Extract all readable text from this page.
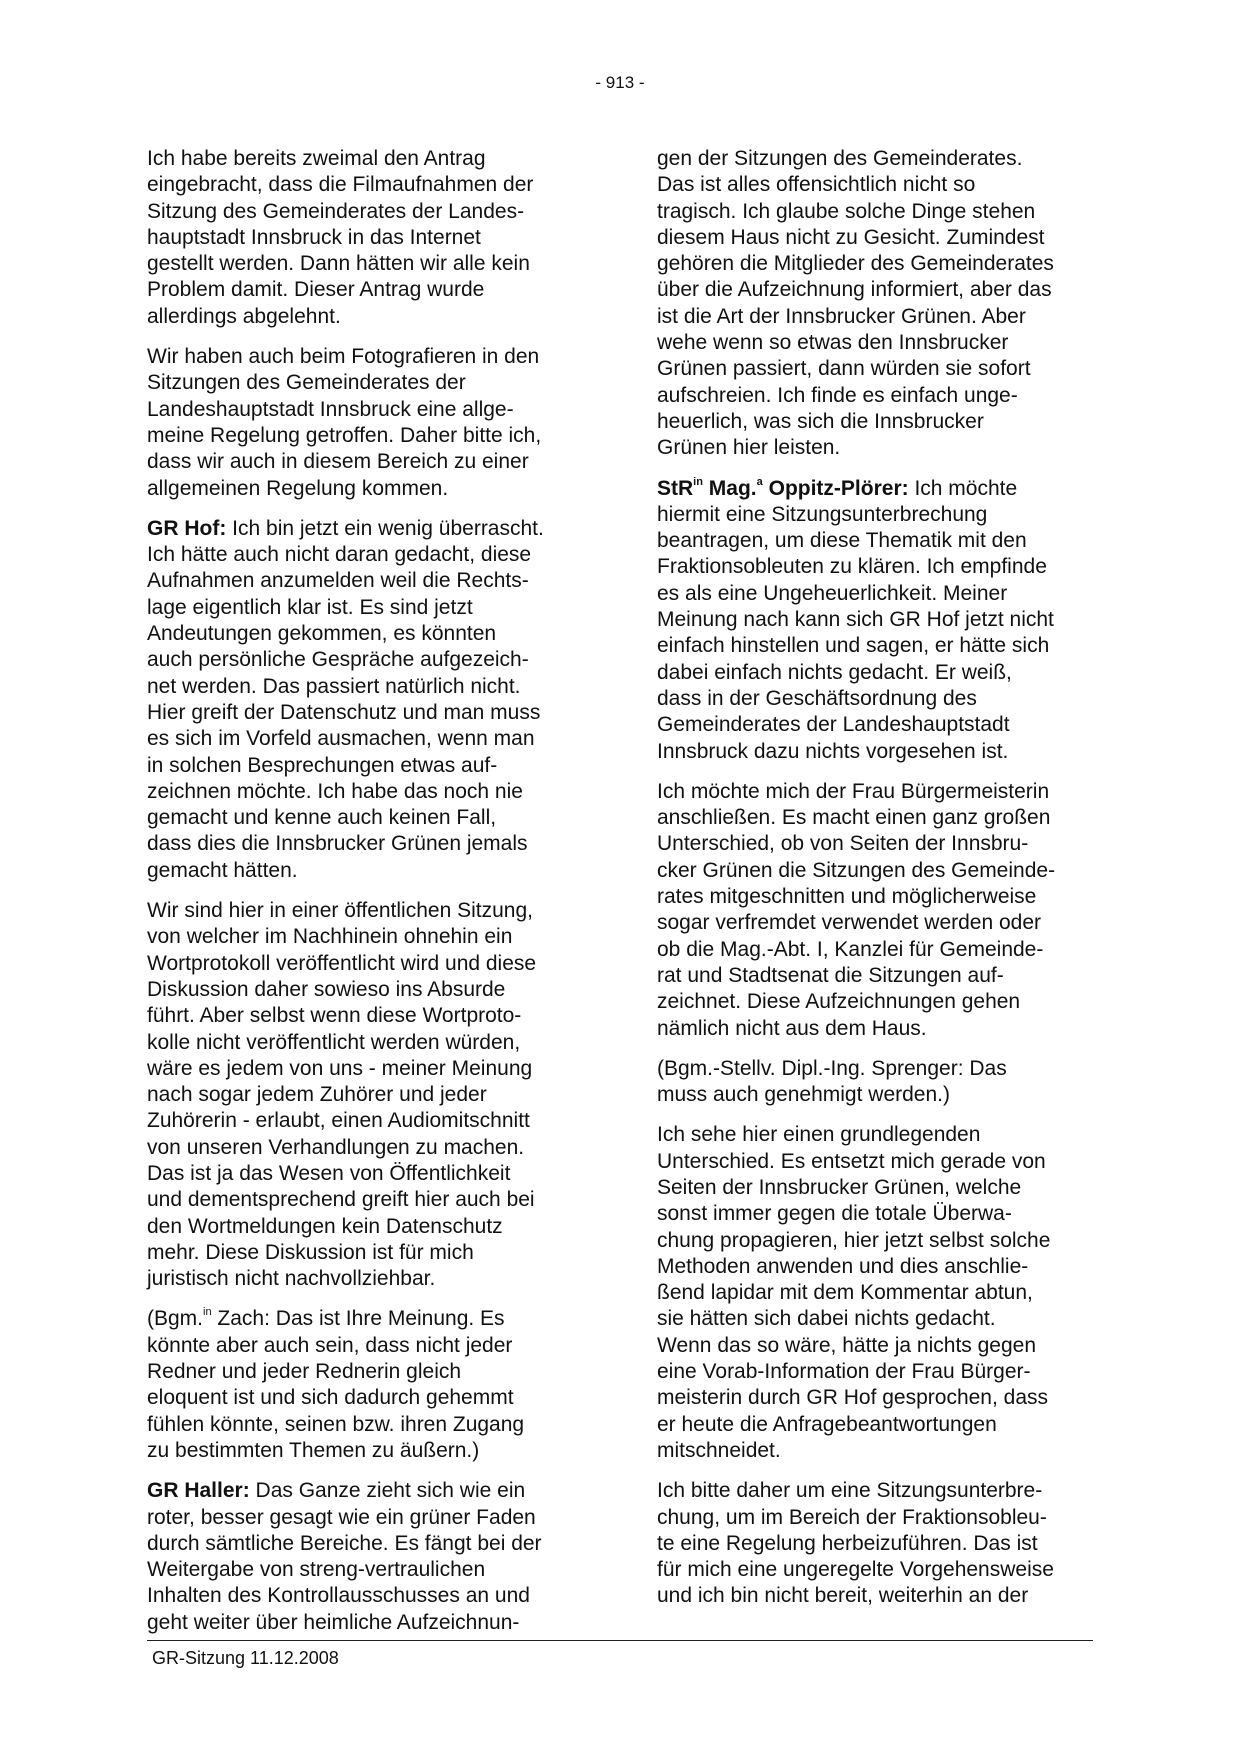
- 913 -

Ich habe bereits zweimal den Antrag
eingebracht, dass die Filmaufnahmen der
Sitzung des Gemeinderates der Landes-
hauptstadt Innsbruck in das Internet
gestellt werden. Dann hätten wir alle kein
Problem damit. Dieser Antrag wurde
allerdings abgelehnt.

Wir haben auch beim Fotografieren in den
Sitzungen des Gemeinderates der
Landeshauptstadt Innsbruck eine allge-
meine Regelung getroffen. Daher bitte ich,
dass wir auch in diesem Bereich zu einer
allgemeinen Regelung kommen.

GR Hof: Ich bin jetzt ein wenig überrascht.
Ich hätte auch nicht daran gedacht, diese
Aufnahmen anzumelden weil die Rechts-
lage eigentlich klar ist. Es sind jetzt
Andeutungen gekommen, es könnten
auch persönliche Gespräche aufgezeich-
net werden. Das passiert natürlich nicht.
Hier greift der Datenschutz und man muss
es sich im Vorfeld ausmachen, wenn man
in solchen Besprechungen etwas auf-
zeichnen möchte. Ich habe das noch nie
gemacht und kenne auch keinen Fall,
dass dies die Innsbrucker Grünen jemals
gemacht hätten.

Wir sind hier in einer öffentlichen Sitzung,
von welcher im Nachhinein ohnehin ein
Wortprotokoll veröffentlicht wird und diese
Diskussion daher sowieso ins Absurde
führt. Aber selbst wenn diese Wortproto-
kolle nicht veröffentlicht werden würden,
wäre es jedem von uns - meiner Meinung
nach sogar jedem Zuhörer und jeder
Zuhörerin - erlaubt, einen Audiomitschnitt
von unseren Verhandlungen zu machen.
Das ist ja das Wesen von Öffentlichkeit
und dementsprechend greift hier auch bei
den Wortmeldungen kein Datenschutz
mehr. Diese Diskussion ist für mich
juristisch nicht nachvollziehbar.

(Bgm.$^{in}$ Zach: Das ist Ihre Meinung. Es
könnte aber auch sein, dass nicht jeder
Redner und jeder Rednerin gleich
eloquent ist und sich dadurch gehemmt
fühlen könnte, seinen bzw. ihren Zugang
zu bestimmten Themen zu äußern.)

GR Haller: Das Ganze zieht sich wie ein
roter, besser gesagt wie ein grüner Faden
durch sämtliche Bereiche. Es fängt bei der
Weitergabe von streng-vertraulichen
Inhalten des Kontrollausschusses an und
geht weiter über heimliche Aufzeichnun-

gen der Sitzungen des Gemeinderates.
Das ist alles offensichtlich nicht so
tragisch. Ich glaube solche Dinge stehen
diesem Haus nicht zu Gesicht. Zumindest
gehören die Mitglieder des Gemeinderates
über die Aufzeichnung informiert, aber das
ist die Art der Innsbrucker Grünen. Aber
wehe wenn so etwas den Innsbrucker
Grünen passiert, dann würden sie sofort
aufschreien. Ich finde es einfach unge-
heuerlich, was sich die Innsbrucker
Grünen hier leisten.

StR$^{in}$ Mag.$^a$ Oppitz-Plörer: Ich möchte
hiermit eine Sitzungsunterbrechung
beantragen, um diese Thematik mit den
Fraktionsobleuten zu klären. Ich empfinde
es als eine Ungeheuerlichkeit. Meiner
Meinung nach kann sich GR Hof jetzt nicht
einfach hinstellen und sagen, er hätte sich
dabei einfach nichts gedacht. Er weiß,
dass in der Geschäftsordnung des
Gemeinderates der Landeshauptstadt
Innsbruck dazu nichts vorgesehen ist.

Ich möchte mich der Frau Bürgermeisterin
anschließen. Es macht einen ganz großen
Unterschied, ob von Seiten der Innsbru-
cker Grünen die Sitzungen des Gemeinde-
rates mitgeschnitten und möglicherweise
sogar verfremdet verwendet werden oder
ob die Mag.-Abt. I, Kanzlei für Gemeinde-
rat und Stadtsenat die Sitzungen auf-
zeichnet. Diese Aufzeichnungen gehen
nämlich nicht aus dem Haus.

(Bgm.-Stellv. Dipl.-Ing. Sprenger: Das
muss auch genehmigt werden.)

Ich sehe hier einen grundlegenden
Unterschied. Es entsetzt mich gerade von
Seiten der Innsbrucker Grünen, welche
sonst immer gegen die totale Überwa-
chung propagieren, hier jetzt selbst solche
Methoden anwenden und dies anschlie-
ßend lapidar mit dem Kommentar abtun,
sie hätten sich dabei nichts gedacht.
Wenn das so wäre, hätte ja nichts gegen
eine Vorab-Information der Frau Bürger-
meisterin durch GR Hof gesprochen, dass
er heute die Anfragebeantwortungen
mitschneidet.

Ich bitte daher um eine Sitzungsunterbre-
chung, um im Bereich der Fraktionsoblеu-
te eine Regelung herbeizuführen. Das ist
für mich eine ungeregelte Vorgehensweise
und ich bin nicht bereit, weiterhin an der

GR-Sitzung 11.12.2008
